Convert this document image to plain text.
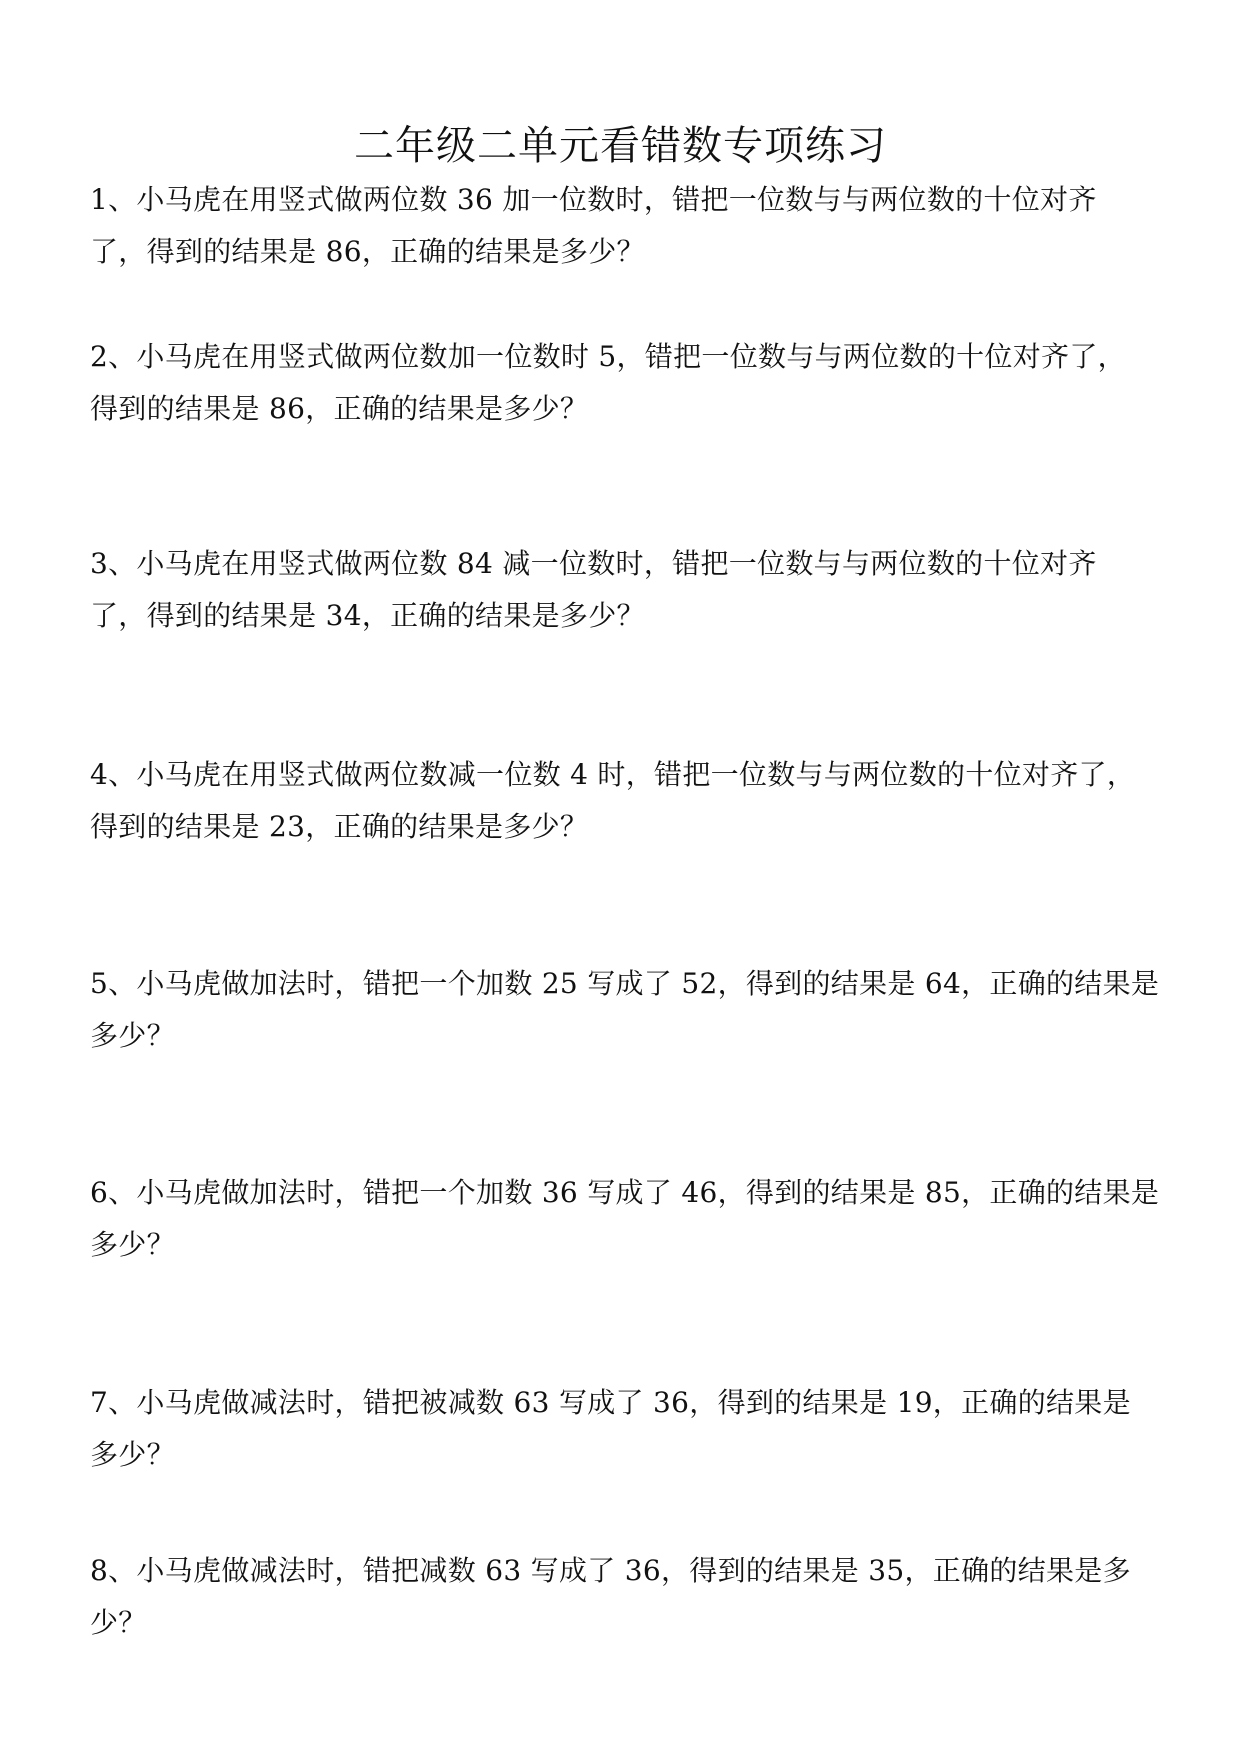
二年级二单元看错数专项练习
1、小马虎在用竖式做两位数 36 加一位数时，错把一位数与与两位数的十位对齐
了，得到的结果是 86，正确的结果是多少？
2、小马虎在用竖式做两位数加一位数时 5，错把一位数与与两位数的十位对齐了，
得到的结果是 86，正确的结果是多少？
3、小马虎在用竖式做两位数 84 减一位数时，错把一位数与与两位数的十位对齐
了，得到的结果是 34，正确的结果是多少？
4、小马虎在用竖式做两位数减一位数 4 时，错把一位数与与两位数的十位对齐了，
得到的结果是 23，正确的结果是多少？
5、小马虎做加法时，错把一个加数 25 写成了 52，得到的结果是 64，正确的结果是
多少？
6、小马虎做加法时，错把一个加数 36 写成了 46，得到的结果是 85，正确的结果是
多少？
7、小马虎做减法时，错把被减数 63 写成了 36，得到的结果是 19，正确的结果是
多少？
8、小马虎做减法时，错把减数 63 写成了 36，得到的结果是 35，正确的结果是多
少？
